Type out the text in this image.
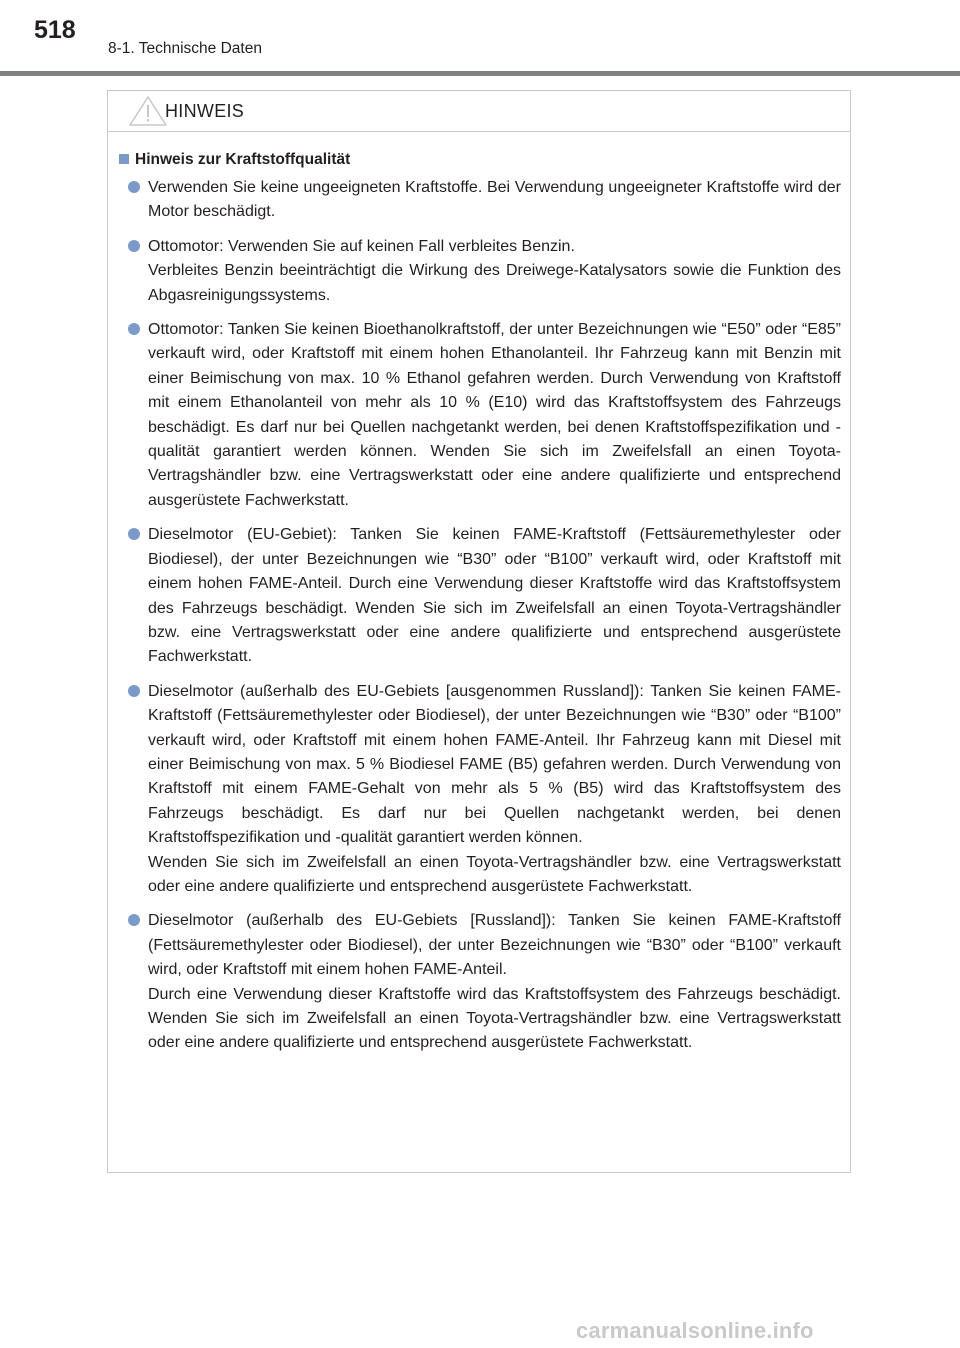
518
8-1. Technische Daten
HINWEIS
Hinweis zur Kraftstoffqualität

Verwenden Sie keine ungeeigneten Kraftstoffe. Bei Verwendung ungeeigneter Kraftstoffe wird der Motor beschädigt.

Ottomotor: Verwenden Sie auf keinen Fall verbleites Benzin.

Verbleites Benzin beeinträchtigt die Wirkung des Dreiwege-Katalysators sowie die Funktion des Abgasreinigungssystems.

Ottomotor: Tanken Sie keinen Bioethanolkraftstoff, der unter Bezeichnungen wie “E50” oder “E85” verkauft wird, oder Kraftstoff mit einem hohen Ethanolanteil. Ihr Fahrzeug kann mit Benzin mit einer Beimischung von max. 10 % Ethanol gefahren werden. Durch Verwendung von Kraftstoff mit einem Ethanolanteil von mehr als 10 % (E10) wird das Kraftstoffsystem des Fahrzeugs beschädigt. Es darf nur bei Quellen nachgetankt werden, bei denen Kraftstoffspezifikation und -qualität garantiert werden können. Wenden Sie sich im Zweifelsfall an einen Toyota-Vertragshändler bzw. eine Vertragswerkstatt oder eine andere qualifizierte und entsprechend ausgerüstete Fachwerkstatt.

Dieselmotor (EU-Gebiet): Tanken Sie keinen FAME-Kraftstoff (Fettsäuremethylester oder Biodiesel), der unter Bezeichnungen wie “B30” oder “B100” verkauft wird, oder Kraftstoff mit einem hohen FAME-Anteil. Durch eine Verwendung dieser Kraftstoffe wird das Kraftstoffsystem des Fahrzeugs beschädigt. Wenden Sie sich im Zweifelsfall an einen Toyota-Vertragshändler bzw. eine Vertragswerkstatt oder eine andere qualifizierte und entsprechend ausgerüstete Fachwerkstatt.

Dieselmotor (außerhalb des EU-Gebiets [ausgenommen Russland]): Tanken Sie keinen FAME-Kraftstoff (Fettsäuremethylester oder Biodiesel), der unter Bezeichnungen wie “B30” oder “B100” verkauft wird, oder Kraftstoff mit einem hohen FAME-Anteil. Ihr Fahrzeug kann mit Diesel mit einer Beimischung von max. 5 % Biodiesel FAME (B5) gefahren werden. Durch Verwendung von Kraftstoff mit einem FAME-Gehalt von mehr als 5 % (B5) wird das Kraftstoffsystem des Fahrzeugs beschädigt. Es darf nur bei Quellen nachgetankt werden, bei denen Kraftstoffspezifikation und -qualität garantiert werden können.

Wenden Sie sich im Zweifelsfall an einen Toyota-Vertragshändler bzw. eine Vertragswerkstatt oder eine andere qualifizierte und entsprechend ausgerüstete Fachwerkstatt.

Dieselmotor (außerhalb des EU-Gebiets [Russland]): Tanken Sie keinen FAME-Kraftstoff (Fettsäuremethylester oder Biodiesel), der unter Bezeichnungen wie “B30” oder “B100” verkauft wird, oder Kraftstoff mit einem hohen FAME-Anteil.

Durch eine Verwendung dieser Kraftstoffe wird das Kraftstoffsystem des Fahrzeugs beschädigt. Wenden Sie sich im Zweifelsfall an einen Toyota-Vertragshändler bzw. eine Vertragswerkstatt oder eine andere qualifizierte und entsprechend ausgerüstete Fachwerkstatt.

carmanualsonline.info
